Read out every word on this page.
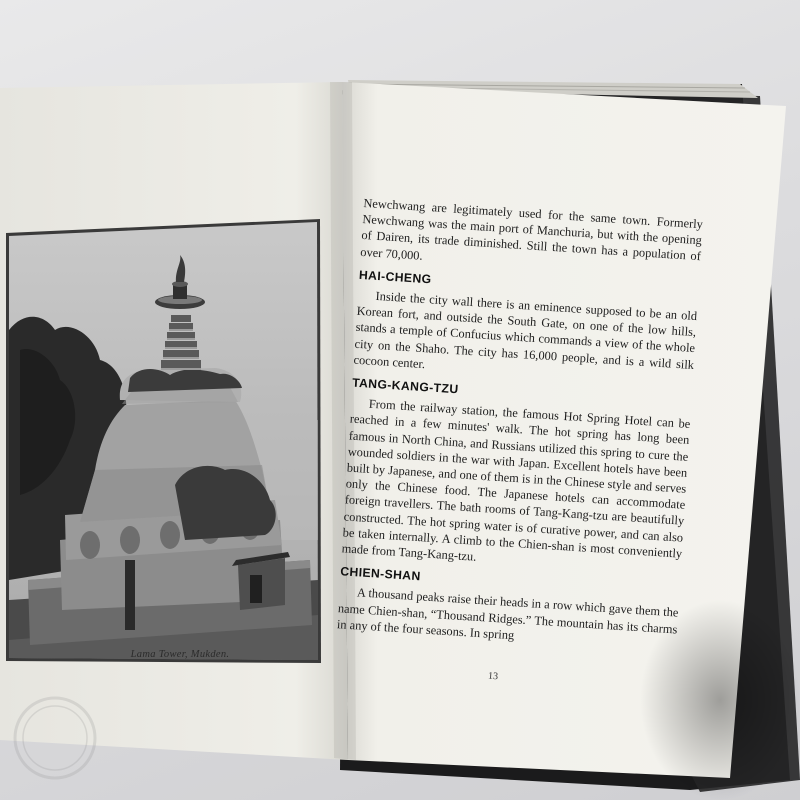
Lama Tower, Mukden.

Newchwang are legitimately used for the same town. Formerly Newchwang was the main port of Manchuria, but with the opening of Dairen, its trade diminished. Still the town has a population of over 70,000.

HAI-CHENG

Inside the city wall there is an eminence supposed to be an old Korean fort, and outside the South Gate, on one of the low hills, stands a temple of Confucius which commands a view of the whole city on the Shaho. The city has 16,000 people, and is a wild silk cocoon center.

TANG-KANG-TZU

From the railway station, the famous Hot Spring Hotel can be reached in a few minutes' walk. The hot spring has long been famous in North China, and Russians utilized this spring to cure the wounded soldiers in the war with Japan. Excellent hotels have been built by Japanese, and one of them is in the Chinese style and serves only the Chinese food. The Japanese hotels can accommodate foreign travellers. The bath rooms of Tang-Kang-tzu are beautifully constructed. The hot spring water is of curative power, and can also be taken internally. A climb to the Chien-shan is most conveniently made from Tang-Kang-tzu.

CHIEN-SHAN

A thousand peaks raise their heads in a row which gave them the name Chien-shan, “Thousand Ridges.” The mountain has its charms in any of the four seasons. In spring

13
